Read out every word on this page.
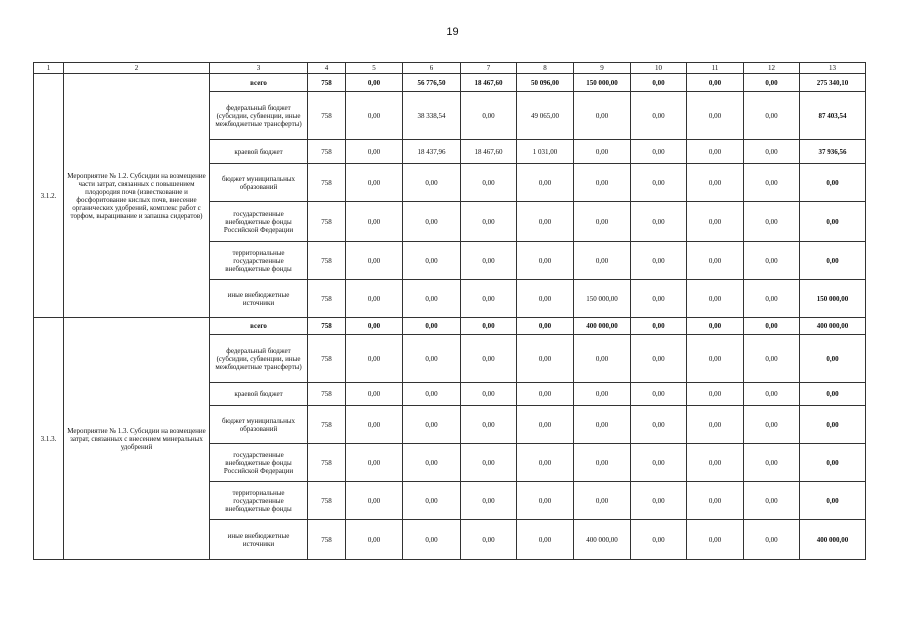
19
1	2	3	4	5	6	7	8	9	10	11	12	13
3.1.2.	Мероприятие № 1.2. Субсидии на возмещение части затрат, связанных с повышением плодородия почв (известкование и фосфоритование кислых почв, внесение органических удобрений, комплекс работ с торфом, выращивание и запашка сидератов)	всего	758	0,00	56 776,50	18 467,60	50 096,00	150 000,00	0,00	0,00	0,00	275 340,10
		федеральный бюджет (субсидии, субвенции, иные межбюджетные трансферты)	758	0,00	38 338,54	0,00	49 065,00	0,00	0,00	0,00	0,00	87 403,54
		краевой бюджет	758	0,00	18 437,96	18 467,60	1 031,00	0,00	0,00	0,00	0,00	37 936,56
		бюджет муниципальных образований	758	0,00	0,00	0,00	0,00	0,00	0,00	0,00	0,00	0,00
		государственные внебюджетные фонды Российской Федерации	758	0,00	0,00	0,00	0,00	0,00	0,00	0,00	0,00	0,00
		территориальные государственные внебюджетные фонды	758	0,00	0,00	0,00	0,00	0,00	0,00	0,00	0,00	0,00
		иные внебюджетные источники	758	0,00	0,00	0,00	0,00	150 000,00	0,00	0,00	0,00	150 000,00
3.1.3.	Мероприятие № 1.3. Субсидии на возмещение затрат, связанных с внесением минеральных удобрений	всего	758	0,00	0,00	0,00	0,00	400 000,00	0,00	0,00	0,00	400 000,00
		федеральный бюджет (субсидии, субвенции, иные межбюджетные трансферты)	758	0,00	0,00	0,00	0,00	0,00	0,00	0,00	0,00	0,00
		краевой бюджет	758	0,00	0,00	0,00	0,00	0,00	0,00	0,00	0,00	0,00
		бюджет муниципальных образований	758	0,00	0,00	0,00	0,00	0,00	0,00	0,00	0,00	0,00
		государственные внебюджетные фонды Российской Федерации	758	0,00	0,00	0,00	0,00	0,00	0,00	0,00	0,00	0,00
		территориальные государственные внебюджетные фонды	758	0,00	0,00	0,00	0,00	0,00	0,00	0,00	0,00	0,00
		иные внебюджетные источники	758	0,00	0,00	0,00	0,00	400 000,00	0,00	0,00	0,00	400 000,00
